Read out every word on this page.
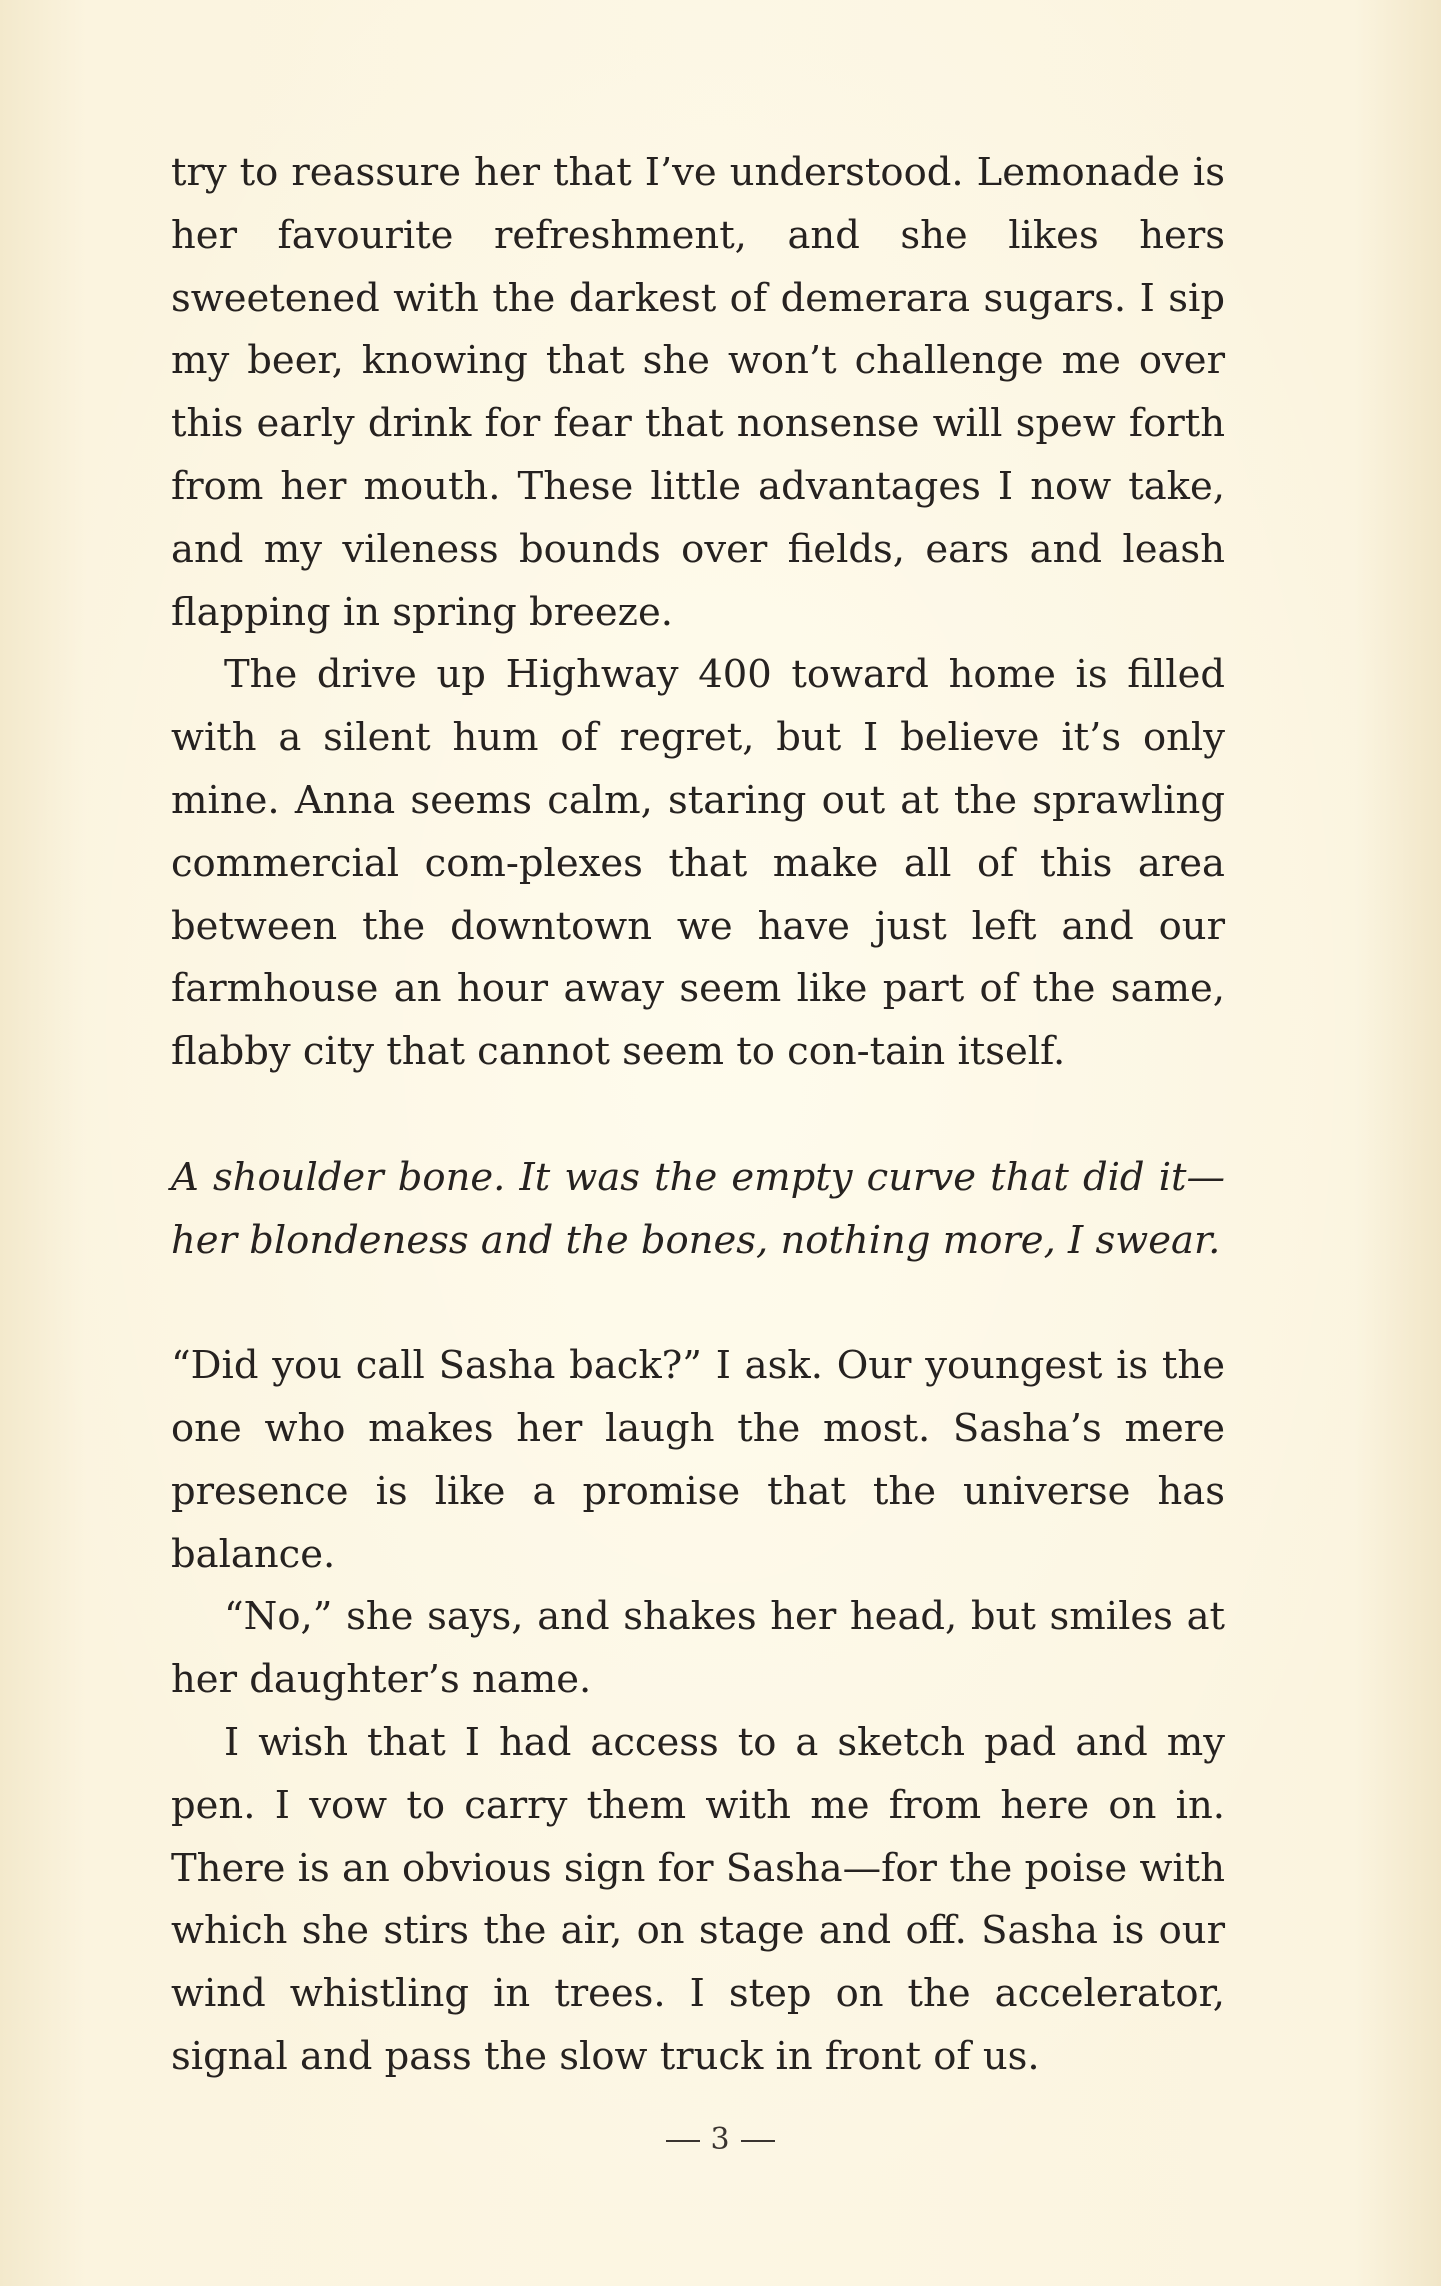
try to reassure her that I’ve understood. Lemonade is her favourite refreshment, and she likes hers sweetened with the darkest of demerara sugars. I sip my beer, knowing that she won’t challenge me over this early drink for fear that nonsense will spew forth from her mouth. These little advantages I now take, and my vileness bounds over fields, ears and leash flapping in spring breeze.

The drive up Highway 400 toward home is filled with a silent hum of regret, but I believe it’s only mine. Anna seems calm, staring out at the sprawling commercial com-plexes that make all of this area between the downtown we have just left and our farmhouse an hour away seem like part of the same, flabby city that cannot seem to con-tain itself.

A shoulder bone. It was the empty curve that did it—her blondeness and the bones, nothing more, I swear.

“Did you call Sasha back?” I ask. Our youngest is the one who makes her laugh the most. Sasha’s mere presence is like a promise that the universe has balance.

“No,” she says, and shakes her head, but smiles at her daughter’s name.

I wish that I had access to a sketch pad and my pen. I vow to carry them with me from here on in. There is an obvious sign for Sasha—for the poise with which she stirs the air, on stage and off. Sasha is our wind whistling in trees. I step on the accelerator, signal and pass the slow truck in front of us.

3
